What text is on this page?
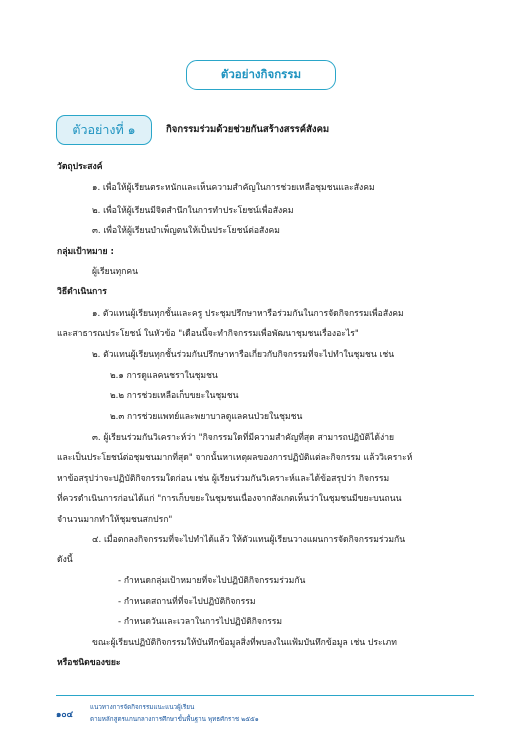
ตัวอย่างกิจกรรม
ตัวอย่างที่ ๑	กิจกรรมร่วมด้วยช่วยกันสร้างสรรค์สังคม
วัตถุประสงค์
๑. เพื่อให้ผู้เรียนตระหนักและเห็นความสำคัญในการช่วยเหลือชุมชนและสังคม
๒. เพื่อให้ผู้เรียนมีจิตสำนึกในการทำประโยชน์เพื่อสังคม
๓. เพื่อให้ผู้เรียนบำเพ็ญตนให้เป็นประโยชน์ต่อสังคม
กลุ่มเป้าหมาย :
ผู้เรียนทุกคน
วิธีดำเนินการ
๑. ตัวแทนผู้เรียนทุกชั้นและครู ประชุมปรึกษาหารือร่วมกันในการจัดกิจกรรมเพื่อสังคม
และสาธารณประโยชน์ ในหัวข้อ "เดือนนี้จะทำกิจกรรมเพื่อพัฒนาชุมชนเรื่องอะไร"
๒. ตัวแทนผู้เรียนทุกชั้นร่วมกันปรึกษาหารือเกี่ยวกับกิจกรรมที่จะไปทำในชุมชน เช่น
๒.๑ การดูแลคนชราในชุมชน
๒.๒ การช่วยเหลือเก็บขยะในชุมชน
๒.๓ การช่วยแพทย์และพยาบาลดูแลคนป่วยในชุมชน
๓. ผู้เรียนร่วมกันวิเคราะห์ว่า "กิจกรรมใดที่มีความสำคัญที่สุด สามารถปฏิบัติได้ง่าย
และเป็นประโยชน์ต่อชุมชนมากที่สุด" จากนั้นหาเหตุผลของการปฏิบัติแต่ละกิจกรรม แล้ววิเคราะห์
หาข้อสรุปว่าจะปฏิบัติกิจกรรมใดก่อน เช่น ผู้เรียนร่วมกันวิเคราะห์และได้ข้อสรุปว่า กิจกรรม
ที่ควรดำเนินการก่อนได้แก่ "การเก็บขยะในชุมชนเนื่องจากสังเกตเห็นว่าในชุมชนมีขยะบนถนน
จำนวนมากทำให้ชุมชนสกปรก"
๔. เมื่อตกลงกิจกรรมที่จะไปทำได้แล้ว ให้ตัวแทนผู้เรียนวางแผนการจัดกิจกรรมร่วมกัน
ดังนี้
- กำหนดกลุ่มเป้าหมายที่จะไปปฏิบัติกิจกรรมร่วมกัน
- กำหนดสถานที่ที่จะไปปฏิบัติกิจกรรม
- กำหนดวันและเวลาในการไปปฏิบัติกิจกรรม
ขณะผู้เรียนปฏิบัติกิจกรรมให้บันทึกข้อมูลสิ่งที่พบลงในแฟ้มบันทึกข้อมูล เช่น ประเภท
หรือชนิดของขยะ
๑๐๔
แนวทางการจัดกิจกรรมแนะแนวผู้เรียน
ตามหลักสูตรแกนกลางการศึกษาขั้นพื้นฐาน พุทธศักราช ๒๕๕๑
